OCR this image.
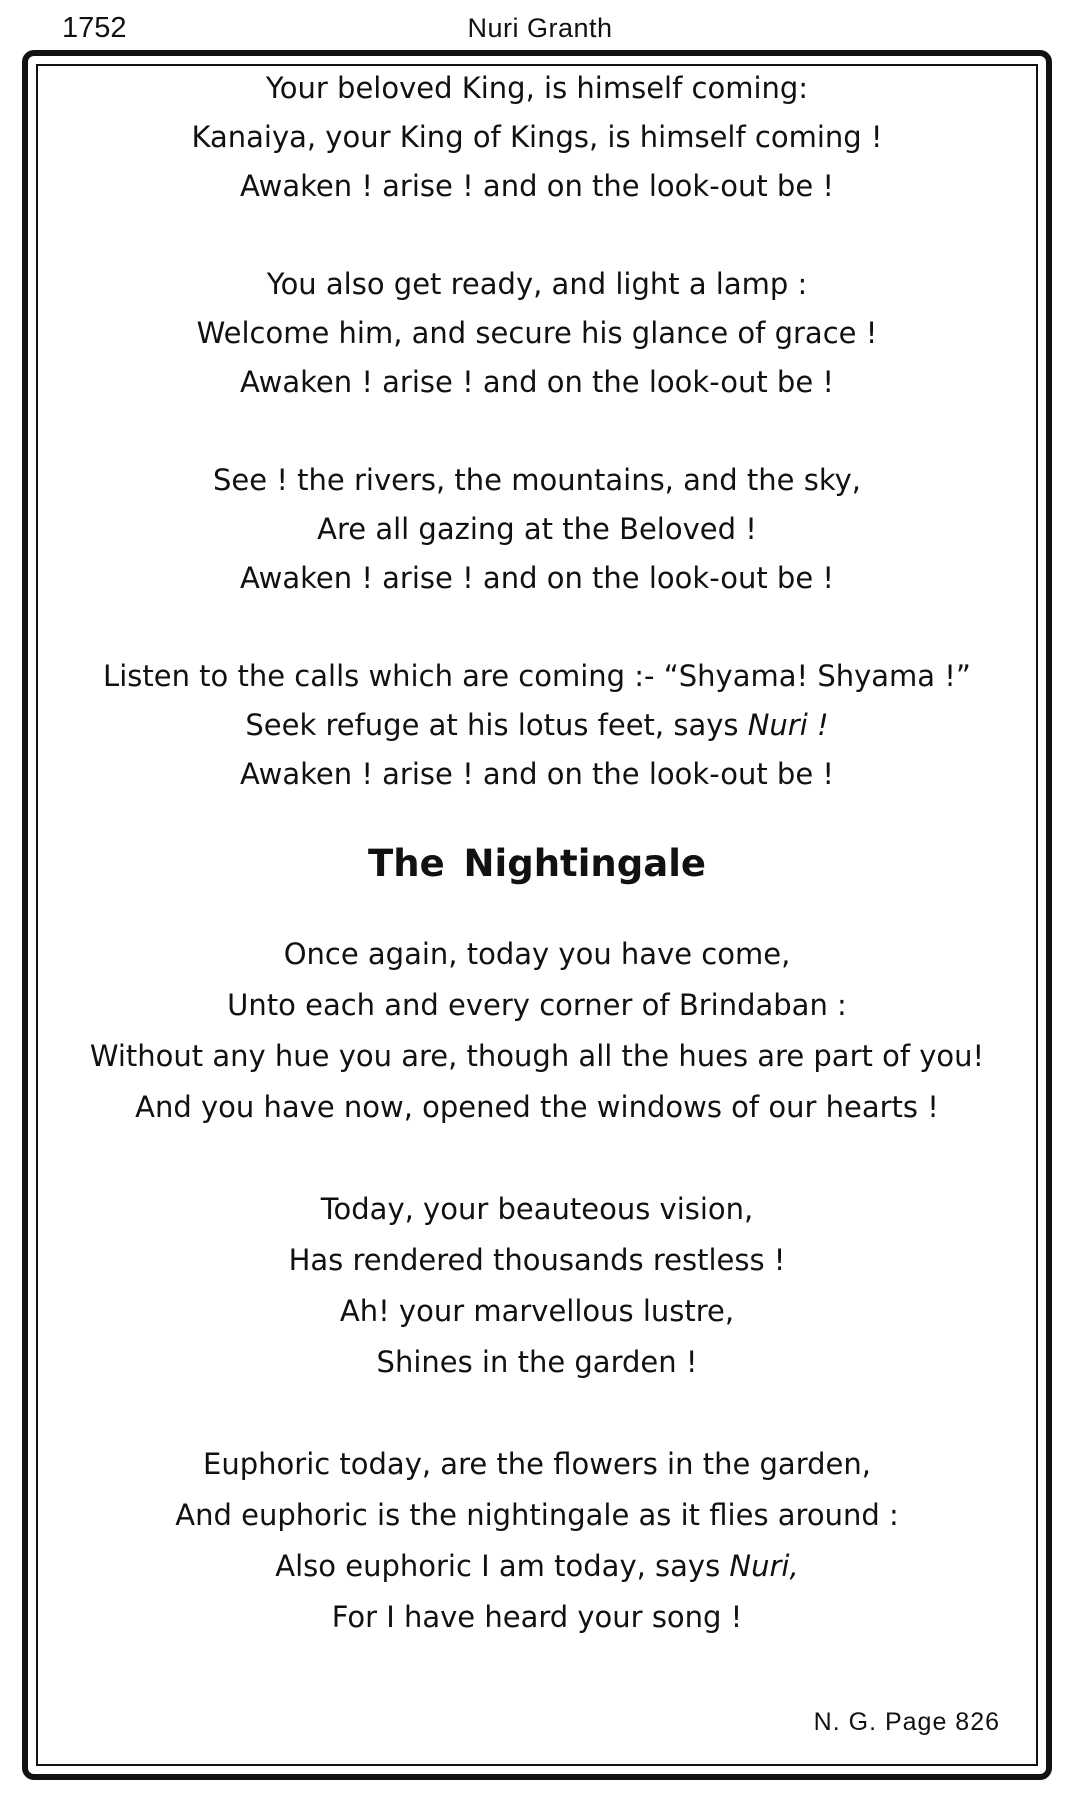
1752	Nuri Granth
Your beloved King, is himself coming:
Kanaiya, your King of Kings, is himself coming !
Awaken ! arise ! and on the look-out be !
You also get ready, and light a lamp :
Welcome him, and secure his glance of grace !
Awaken ! arise ! and on the look-out be !
See ! the rivers, the mountains, and the sky,
Are all gazing at the Beloved !
Awaken ! arise ! and on the look-out be !
Listen to the calls which are coming :- “Shyama! Shyama !”
Seek refuge at his lotus feet, says Nuri !
Awaken ! arise ! and on the look-out be !
The Nightingale
Once again, today you have come,
Unto each and every corner of Brindaban :
Without any hue you are, though all the hues are part of you!
And you have now, opened the windows of our hearts !
Today, your beauteous vision,
Has rendered thousands restless !
Ah! your marvellous lustre,
Shines in the garden !
Euphoric today, are the flowers in the garden,
And euphoric is the nightingale as it flies around :
Also euphoric I am today, says Nuri,
For I have heard your song !
N. G. Page 826
